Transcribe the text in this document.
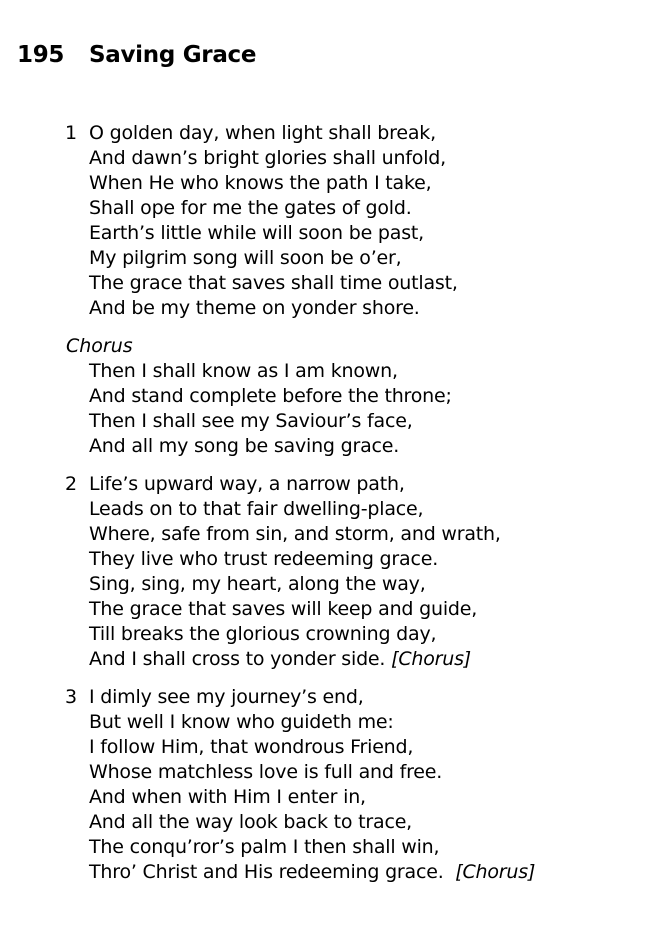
195 Saving Grace
1 O golden day, when light shall break,
And dawn’s bright glories shall unfold,
When He who knows the path I take,
Shall ope for me the gates of gold.
Earth’s little while will soon be past,
My pilgrim song will soon be o’er,
The grace that saves shall time outlast,
And be my theme on yonder shore.
Chorus
Then I shall know as I am known,
And stand complete before the throne;
Then I shall see my Saviour’s face,
And all my song be saving grace.
2 Life’s upward way, a narrow path,
Leads on to that fair dwelling-place,
Where, safe from sin, and storm, and wrath,
They live who trust redeeming grace.
Sing, sing, my heart, along the way,
The grace that saves will keep and guide,
Till breaks the glorious crowning day,
And I shall cross to yonder side. [Chorus]
3 I dimly see my journey’s end,
But well I know who guideth me:
I follow Him, that wondrous Friend,
Whose matchless love is full and free.
And when with Him I enter in,
And all the way look back to trace,
The conqu’ror’s palm I then shall win,
Thro’ Christ and His redeeming grace.  [Chorus]
